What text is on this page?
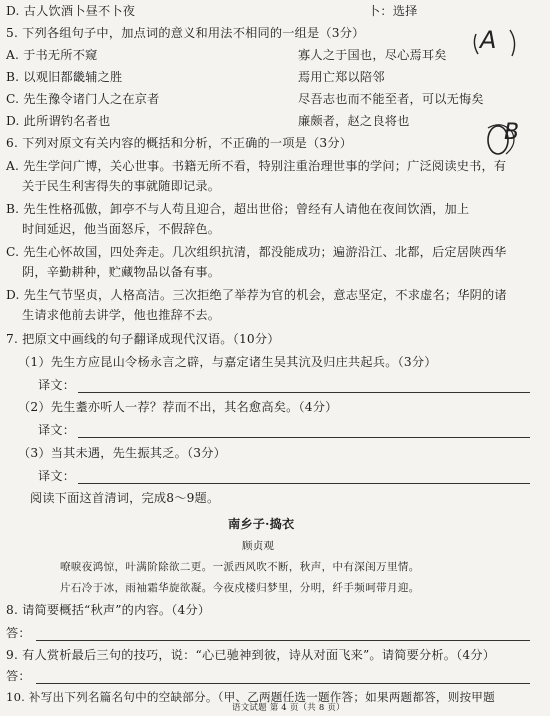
D. 古人饮酒卜昼不卜夜	卜：选择
5. 下列各组句子中，加点词的意义和用法不相同的一组是（3分）	A
A. 于书无所不窥	寡人之于国也，尽心焉耳矣
B. 以观旧都畿辅之胜	焉用亡郑以陪邻
C. 先生豫令诸门人之在京者	尽吾志也而不能至者，可以无悔矣
D. 此所谓钓名者也	廉颇者，赵之良将也
6. 下列对原文有关内容的概括和分析，不正确的一项是（3分）	B
A. 先生学问广博，关心世事。书籍无所不看，特别注重治理世事的学问；广泛阅读史书，有
关于民生利害得失的事就随即记录。
B. 先生性格孤傲，卸亭不与人苟且迎合，超出世俗；曾经有人请他在夜间饮酒，加上
时间延迟，他当面怒斥，不假辞色。
C. 先生心怀故国，四处奔走。几次组织抗清，都没能成功；遍游沿江、北都，后定居陕西华
阴，辛勤耕种，贮藏物品以备有事。
D. 先生气节坚贞，人格高洁。三次拒绝了举荐为官的机会，意志坚定，不求虚名；华阴的诸
生请求他前去讲学，他也推辞不去。
7. 把原文中画线的句子翻译成现代汉语。（10分）
（1）先生方应昆山令杨永言之辟，与嘉定诸生吴其沆及归庄共起兵。（3分）
译文：
（2）先生耋亦听人一荐？荐而不出，其名愈高矣。（4分）
译文：
（3）当其未遇，先生振其乏。（3分）
译文：
阅读下面这首清词，完成8～9题。
南乡子·捣衣
顾贞观
嘹唳夜鸿惊，叶满阶除欲二更。一派西风吹不断，秋声，中有深闺万里情。
片石冷于冰，雨袖霜华旋欲凝。今夜戍楼归梦里，分明，纤手频呵带月迎。
8. 请简要概括“秋声”的内容。（4分）
答：
9. 有人赏析最后三句的技巧，说：“心已驰神到彼，诗从对面飞来”。请简要分析。（4分）
答：
10. 补写出下列名篇名句中的空缺部分。（甲、乙两题任选一题作答；如果两题都答，则按甲题
语文试题 第 4 页（共 8 页）
